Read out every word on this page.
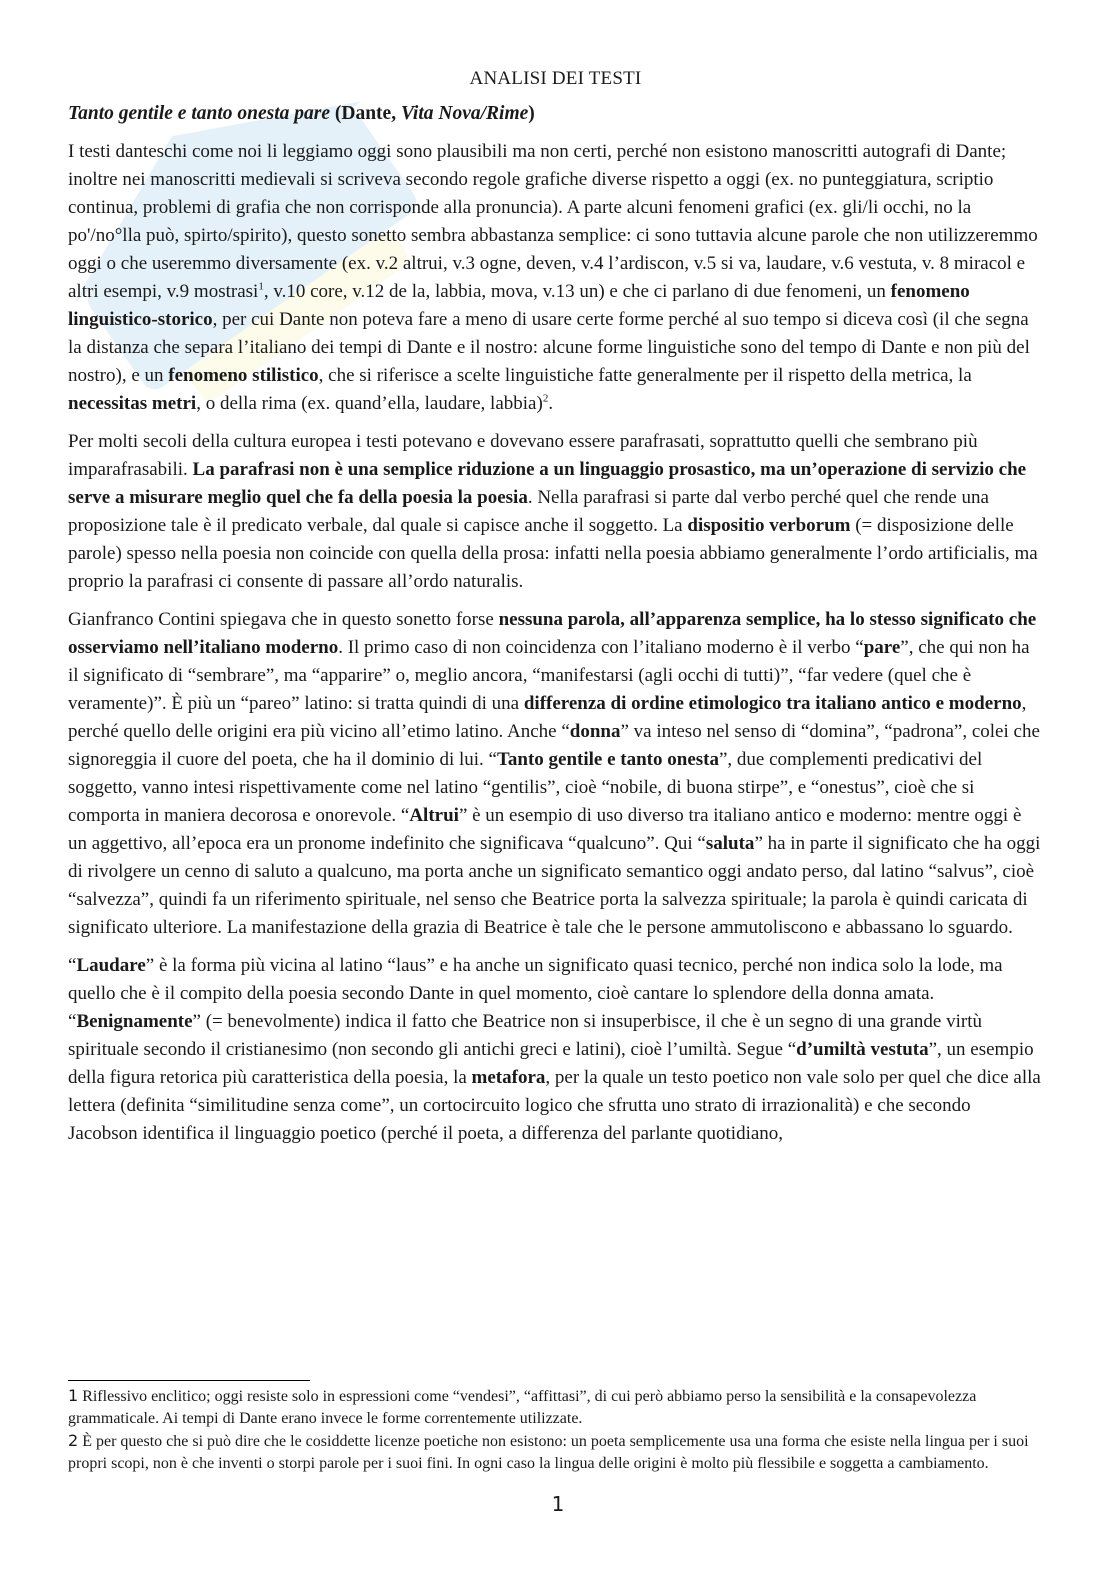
ANALISI DEI TESTI
Tanto gentile e tanto onesta pare (Dante, Vita Nova/Rime)

I testi danteschi come noi li leggiamo oggi sono plausibili ma non certi, perché non esistono manoscritti autografi di Dante; inoltre nei manoscritti medievali si scriveva secondo regole grafiche diverse rispetto a oggi (ex. no punteggiatura, scriptio continua, problemi di grafia che non corrisponde alla pronuncia). A parte alcuni fenomeni grafici (ex. gli/li occhi, no la po'/no°lla può, spirto/spirito), questo sonetto sembra abbastanza semplice: ci sono tuttavia alcune parole che non utilizzeremmo oggi o che useremmo diversamente (ex. v.2 altrui, v.3 ogne, deven, v.4 l’ardiscon, v.5 si va, laudare, v.6 vestuta, v. 8 miracol e altri esempi, v.9 mostrasi$^1$, v.10 core, v.12 de la, labbia, mova, v.13 un) e che ci parlano di due fenomeni, un fenomeno linguistico-storico, per cui Dante non poteva fare a meno di usare certe forme perché al suo tempo si diceva così (il che segna la distanza che separa l’italiano dei tempi di Dante e il nostro: alcune forme linguistiche sono del tempo di Dante e non più del nostro), e un fenomeno stilistico, che si riferisce a scelte linguistiche fatte generalmente per il rispetto della metrica, la necessitas metri, o della rima (ex. quand’ella, laudare, labbia)$^2$.

Per molti secoli della cultura europea i testi potevano e dovevano essere parafrasati, soprattutto quelli che sembrano più imparafrasabili. La parafrasi non è una semplice riduzione a un linguaggio prosastico, ma un’operazione di servizio che serve a misurare meglio quel che fa della poesia la poesia. Nella parafrasi si parte dal verbo perché quel che rende una proposizione tale è il predicato verbale, dal quale si capisce anche il soggetto. La dispositio verborum (= disposizione delle parole) spesso nella poesia non coincide con quella della prosa: infatti nella poesia abbiamo generalmente l’ordo artificialis, ma proprio la parafrasi ci consente di passare all’ordo naturalis.

Gianfranco Contini spiegava che in questo sonetto forse nessuna parola, all’apparenza semplice, ha lo stesso significato che osserviamo nell’italiano moderno. Il primo caso di non coincidenza con l’italiano moderno è il verbo “pare”, che qui non ha il significato di “sembrare”, ma “apparire” o, meglio ancora, “manifestarsi (agli occhi di tutti)”, “far vedere (quel che è veramente)”. È più un “pareo” latino: si tratta quindi di una differenza di ordine etimologico tra italiano antico e moderno, perché quello delle origini era più vicino all’etimo latino. Anche “donna” va inteso nel senso di “domina”, “padrona”, colei che signoreggia il cuore del poeta, che ha il dominio di lui. “Tanto gentile e tanto onesta”, due complementi predicativi del soggetto, vanno intesi rispettivamente come nel latino “gentilis”, cioè “nobile, di buona stirpe”, e “onestus”, cioè che si comporta in maniera decorosa e onorevole. “Altrui” è un esempio di uso diverso tra italiano antico e moderno: mentre oggi è un aggettivo, all’epoca era un pronome indefinito che significava “qualcuno”. Qui “saluta” ha in parte il significato che ha oggi di rivolgere un cenno di saluto a qualcuno, ma porta anche un significato semantico oggi andato perso, dal latino “salvus”, cioè “salvezza”, quindi fa un riferimento spirituale, nel senso che Beatrice porta la salvezza spirituale; la parola è quindi caricata di significato ulteriore. La manifestazione della grazia di Beatrice è tale che le persone ammutoliscono e abbassano lo sguardo.

“Laudare” è la forma più vicina al latino “laus” e ha anche un significato quasi tecnico, perché non indica solo la lode, ma quello che è il compito della poesia secondo Dante in quel momento, cioè cantare lo splendore della donna amata. “Benignamente” (= benevolmente) indica il fatto che Beatrice non si insuperbisce, il che è un segno di una grande virtù spirituale secondo il cristianesimo (non secondo gli antichi greci e latini), cioè l’umiltà. Segue “d’umiltà vestuta”, un esempio della figura retorica più caratteristica della poesia, la metafora, per la quale un testo poetico non vale solo per quel che dice alla lettera (definita “similitudine senza come”, un cortocircuito logico che sfrutta uno strato di irrazionalità) e che secondo Jacobson identifica il linguaggio poetico (perché il poeta, a differenza del parlante quotidiano,

1 Riflessivo enclitico; oggi resiste solo in espressioni come “vendesi”, “affittasi”, di cui però abbiamo perso la sensibilità e la consapevolezza grammaticale. Ai tempi di Dante erano invece le forme correntemente utilizzate.

2 È per questo che si può dire che le cosiddette licenze poetiche non esistono: un poeta semplicemente usa una forma che esiste nella lingua per i suoi propri scopi, non è che inventi o storpi parole per i suoi fini. In ogni caso la lingua delle origini è molto più flessibile e soggetta a cambiamento.

1
